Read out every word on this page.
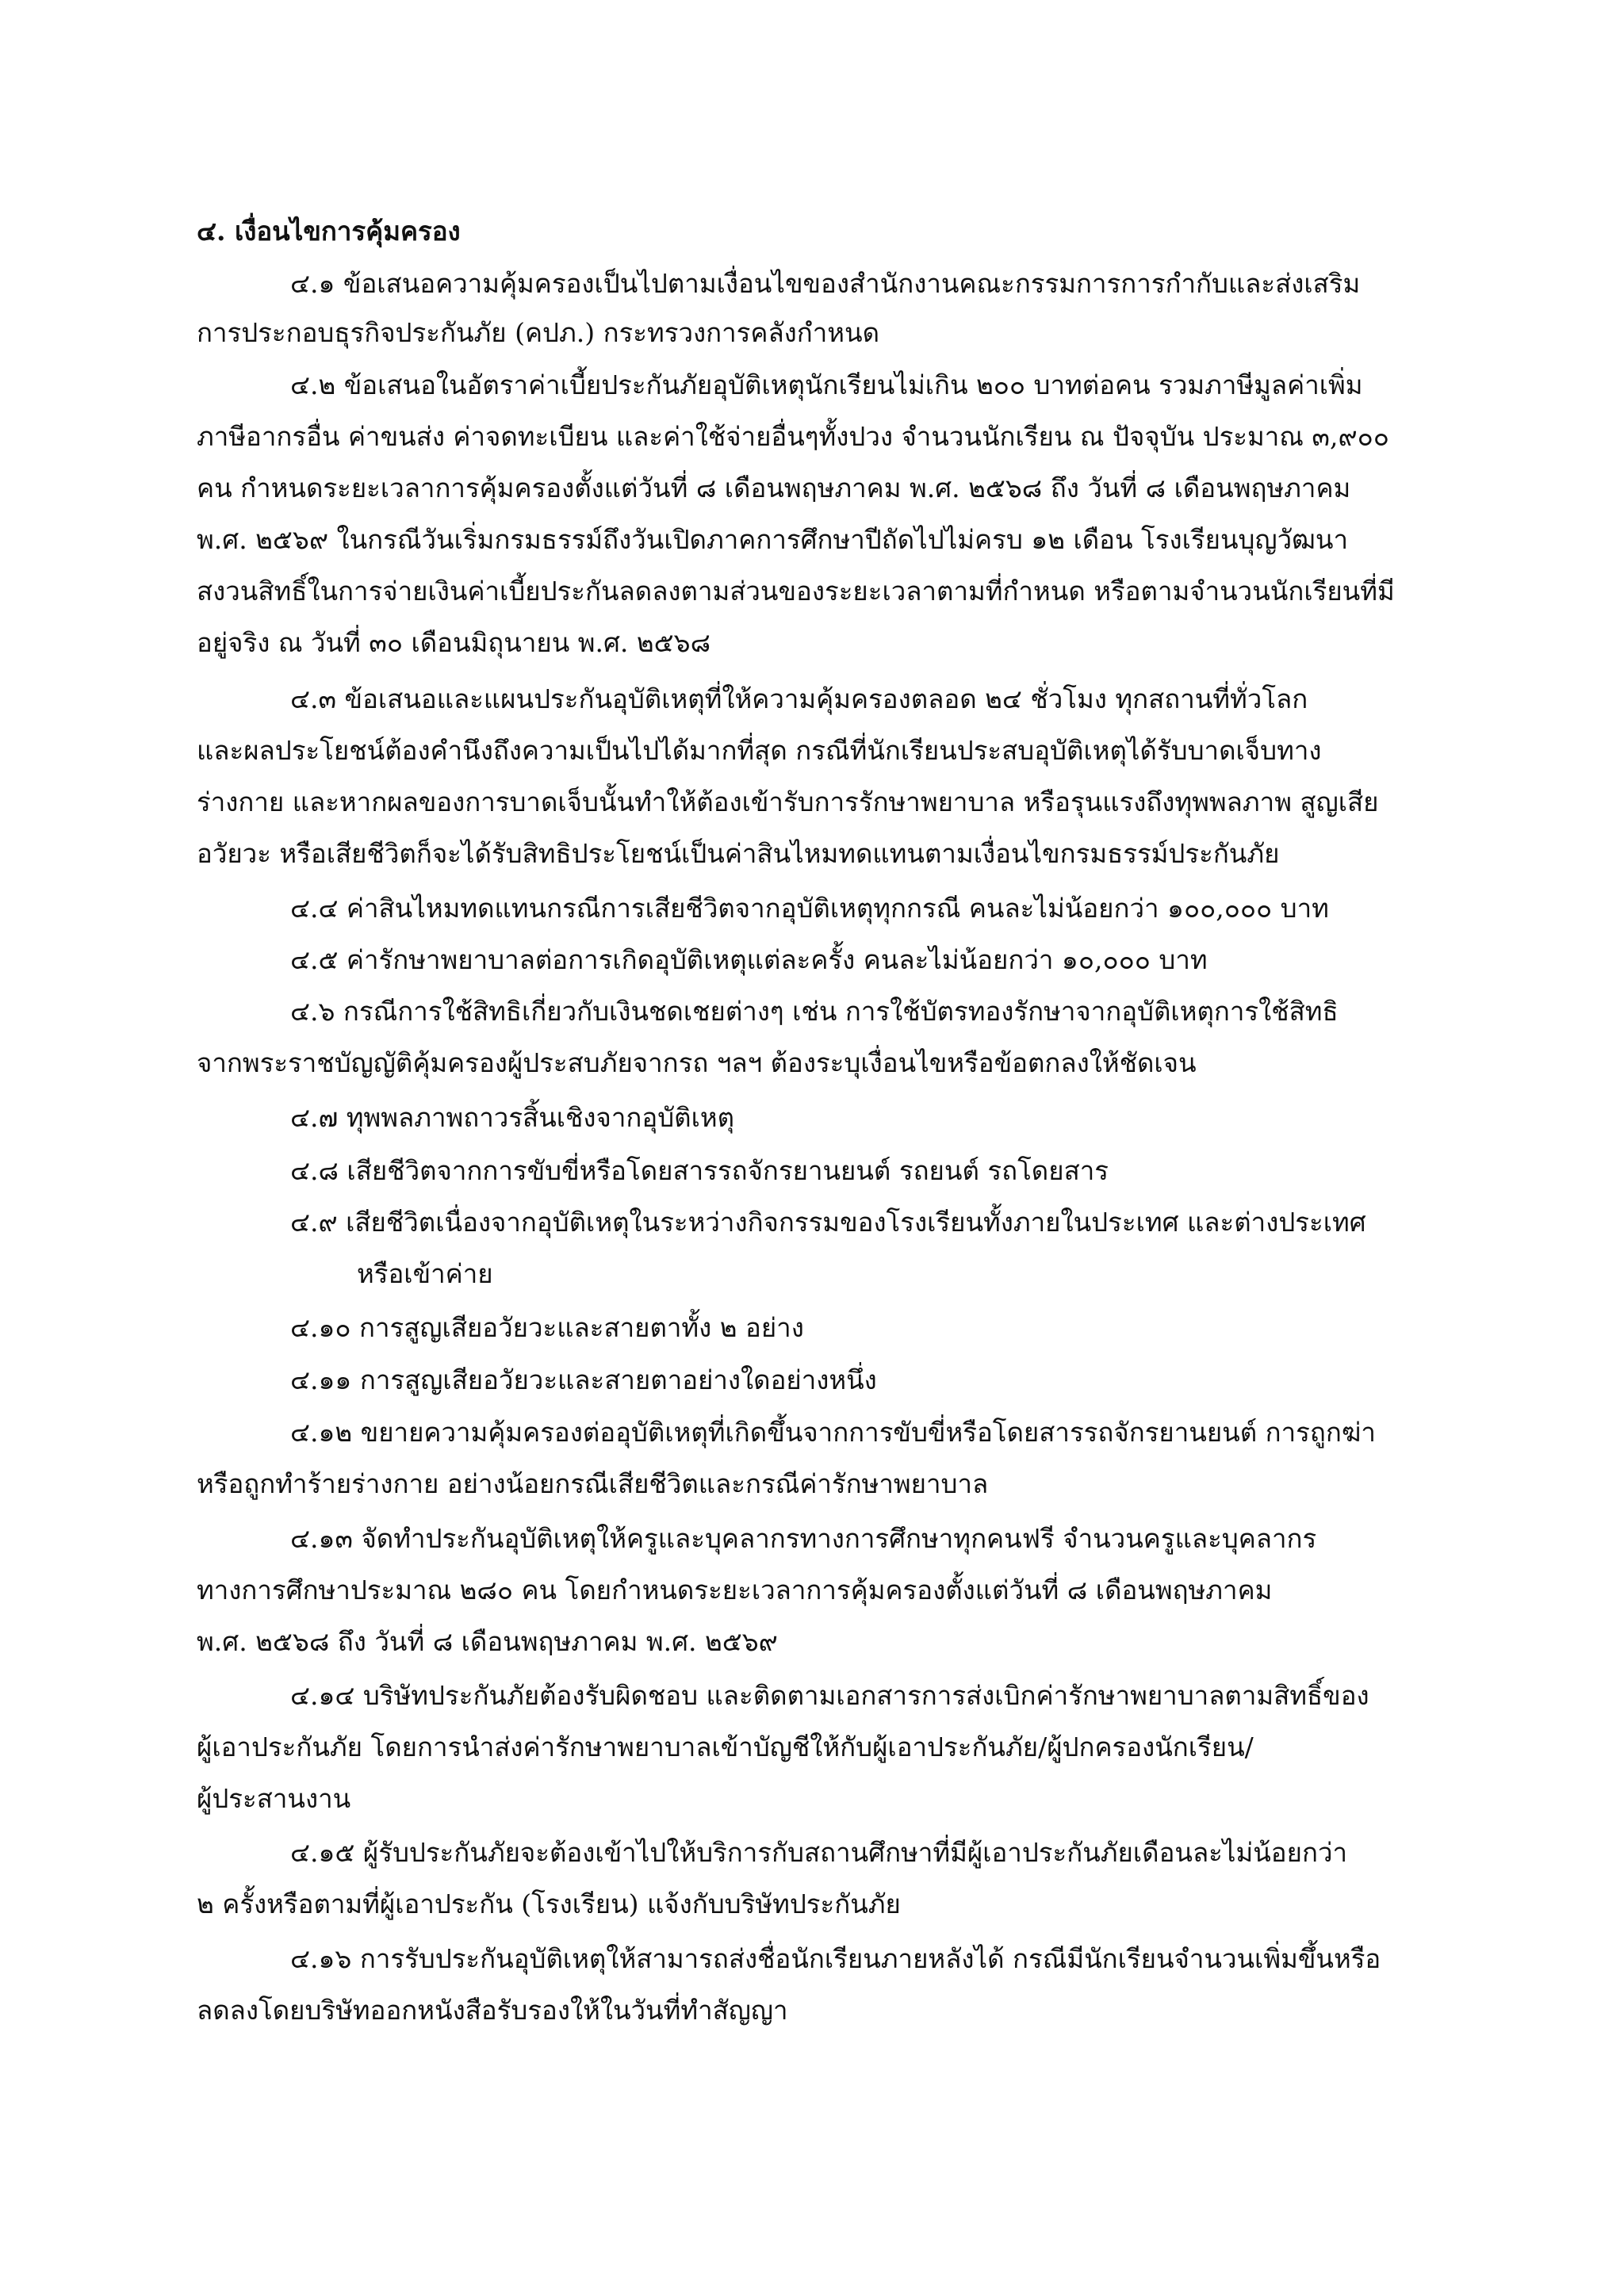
๔. เงื่อนไขการคุ้มครอง
๔.๑ ข้อเสนอความคุ้มครองเป็นไปตามเงื่อนไขของสำนักงานคณะกรรมการการกำกับและส่งเสริม
การประกอบธุรกิจประกันภัย (คปภ.) กระทรวงการคลังกำหนด
๔.๒ ข้อเสนอในอัตราค่าเบี้ยประกันภัยอุบัติเหตุนักเรียนไม่เกิน ๒๐๐ บาทต่อคน รวมภาษีมูลค่าเพิ่ม
ภาษีอากรอื่น ค่าขนส่ง ค่าจดทะเบียน และค่าใช้จ่ายอื่นๆทั้งปวง จำนวนนักเรียน ณ ปัจจุบัน ประมาณ ๓,๙๐๐
คน กำหนดระยะเวลาการคุ้มครองตั้งแต่วันที่ ๘ เดือนพฤษภาคม พ.ศ. ๒๕๖๘ ถึง วันที่ ๘ เดือนพฤษภาคม
พ.ศ. ๒๕๖๙ ในกรณีวันเริ่มกรมธรรม์ถึงวันเปิดภาคการศึกษาปีถัดไปไม่ครบ ๑๒ เดือน โรงเรียนบุญวัฒนา
สงวนสิทธิ์ในการจ่ายเงินค่าเบี้ยประกันลดลงตามส่วนของระยะเวลาตามที่กำหนด หรือตามจำนวนนักเรียนที่มี
อยู่จริง ณ วันที่ ๓๐ เดือนมิถุนายน พ.ศ. ๒๕๖๘
๔.๓ ข้อเสนอและแผนประกันอุบัติเหตุที่ให้ความคุ้มครองตลอด ๒๔ ชั่วโมง ทุกสถานที่ทั่วโลก
และผลประโยชน์ต้องคำนึงถึงความเป็นไปได้มากที่สุด กรณีที่นักเรียนประสบอุบัติเหตุได้รับบาดเจ็บทาง
ร่างกาย และหากผลของการบาดเจ็บนั้นทำให้ต้องเข้ารับการรักษาพยาบาล หรือรุนแรงถึงทุพพลภาพ สูญเสีย
อวัยวะ หรือเสียชีวิตก็จะได้รับสิทธิประโยชน์เป็นค่าสินไหมทดแทนตามเงื่อนไขกรมธรรม์ประกันภัย
๔.๔ ค่าสินไหมทดแทนกรณีการเสียชีวิตจากอุบัติเหตุทุกกรณี คนละไม่น้อยกว่า ๑๐๐,๐๐๐ บาท
๔.๕ ค่ารักษาพยาบาลต่อการเกิดอุบัติเหตุแต่ละครั้ง คนละไม่น้อยกว่า ๑๐,๐๐๐ บาท
๔.๖ กรณีการใช้สิทธิเกี่ยวกับเงินชดเชยต่างๆ เช่น การใช้บัตรทองรักษาจากอุบัติเหตุการใช้สิทธิ
จากพระราชบัญญัติคุ้มครองผู้ประสบภัยจากรถ ฯลฯ ต้องระบุเงื่อนไขหรือข้อตกลงให้ชัดเจน
๔.๗ ทุพพลภาพถาวรสิ้นเชิงจากอุบัติเหตุ
๔.๘ เสียชีวิตจากการขับขี่หรือโดยสารรถจักรยานยนต์ รถยนต์ รถโดยสาร
๔.๙ เสียชีวิตเนื่องจากอุบัติเหตุในระหว่างกิจกรรมของโรงเรียนทั้งภายในประเทศ และต่างประเทศ
หรือเข้าค่าย
๔.๑๐ การสูญเสียอวัยวะและสายตาทั้ง ๒ อย่าง
๔.๑๑ การสูญเสียอวัยวะและสายตาอย่างใดอย่างหนึ่ง
๔.๑๒ ขยายความคุ้มครองต่ออุบัติเหตุที่เกิดขึ้นจากการขับขี่หรือโดยสารรถจักรยานยนต์ การถูกฆ่า
หรือถูกทำร้ายร่างกาย อย่างน้อยกรณีเสียชีวิตและกรณีค่ารักษาพยาบาล
๔.๑๓ จัดทำประกันอุบัติเหตุให้ครูและบุคลากรทางการศึกษาทุกคนฟรี จำนวนครูและบุคลากร
ทางการศึกษาประมาณ ๒๘๐ คน โดยกำหนดระยะเวลาการคุ้มครองตั้งแต่วันที่ ๘ เดือนพฤษภาคม
พ.ศ. ๒๕๖๘ ถึง วันที่ ๘ เดือนพฤษภาคม พ.ศ. ๒๕๖๙
๔.๑๔ บริษัทประกันภัยต้องรับผิดชอบ และติดตามเอกสารการส่งเบิกค่ารักษาพยาบาลตามสิทธิ์ของ
ผู้เอาประกันภัย โดยการนำส่งค่ารักษาพยาบาลเข้าบัญชีให้กับผู้เอาประกันภัย/ผู้ปกครองนักเรียน/
ผู้ประสานงาน
๔.๑๕ ผู้รับประกันภัยจะต้องเข้าไปให้บริการกับสถานศึกษาที่มีผู้เอาประกันภัยเดือนละไม่น้อยกว่า
๒ ครั้งหรือตามที่ผู้เอาประกัน (โรงเรียน) แจ้งกับบริษัทประกันภัย
๔.๑๖ การรับประกันอุบัติเหตุให้สามารถส่งชื่อนักเรียนภายหลังได้ กรณีมีนักเรียนจำนวนเพิ่มขึ้นหรือ
ลดลงโดยบริษัทออกหนังสือรับรองให้ในวันที่ทำสัญญา
